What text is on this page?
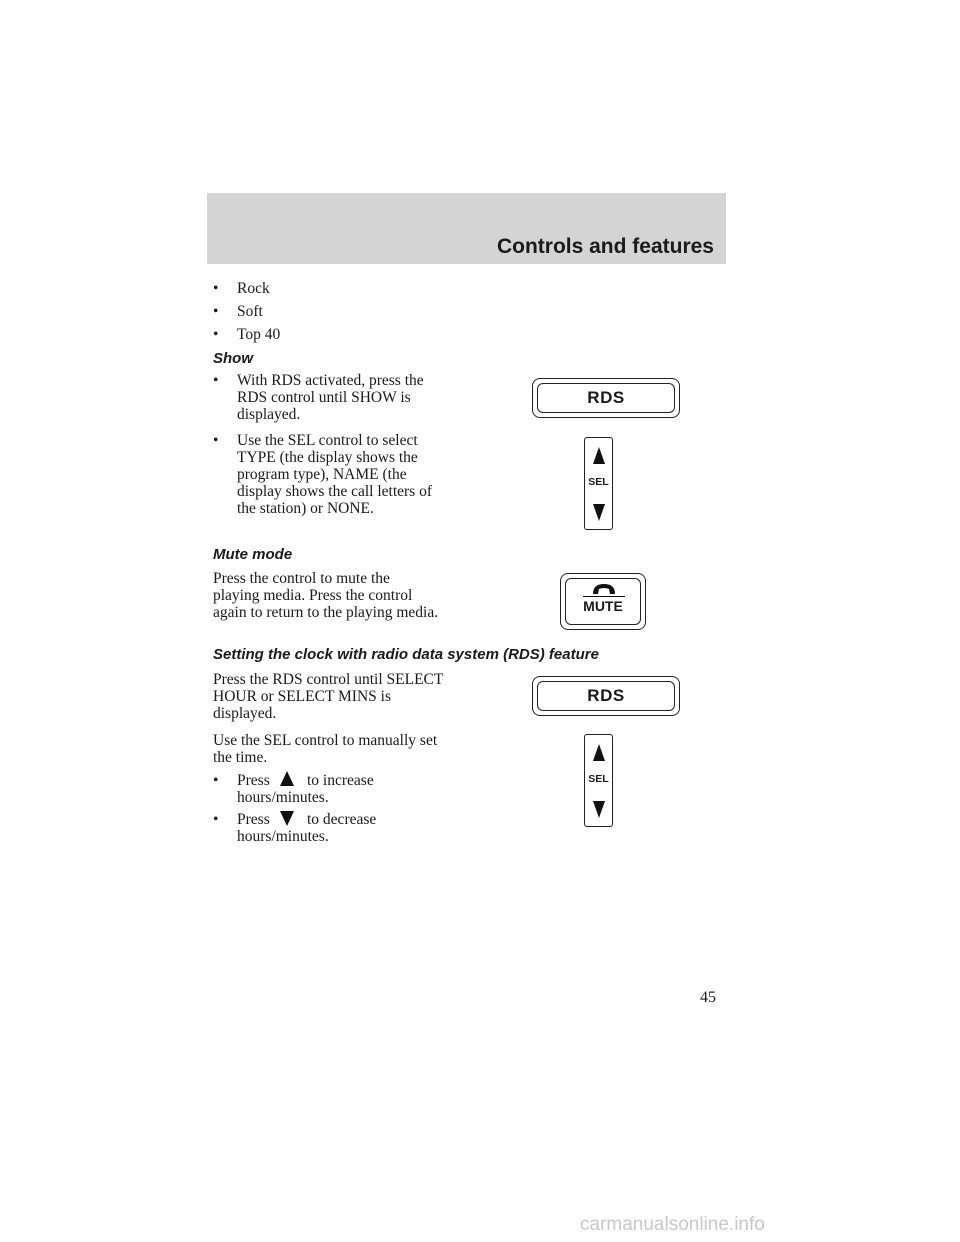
Controls and features
• Rock
• Soft
• Top 40
Show
• With RDS activated, press the
RDS control until SHOW is
displayed.
• Use the SEL control to select
TYPE (the display shows the
program type), NAME (the
display shows the call letters of
the station) or NONE.
RDS
SEL
Mute mode
Press the control to mute the
playing media. Press the control
again to return to the playing media.	MUTE
Setting the clock with radio data system (RDS) feature
Press the RDS control until SELECT
HOUR or SELECT MINS is
displayed.
Use the SEL control to manually set
the time.
• Press to increase
hours/minutes.
• Press to decrease
hours/minutes.
RDS
SEL
45
carmanualsonline.info
